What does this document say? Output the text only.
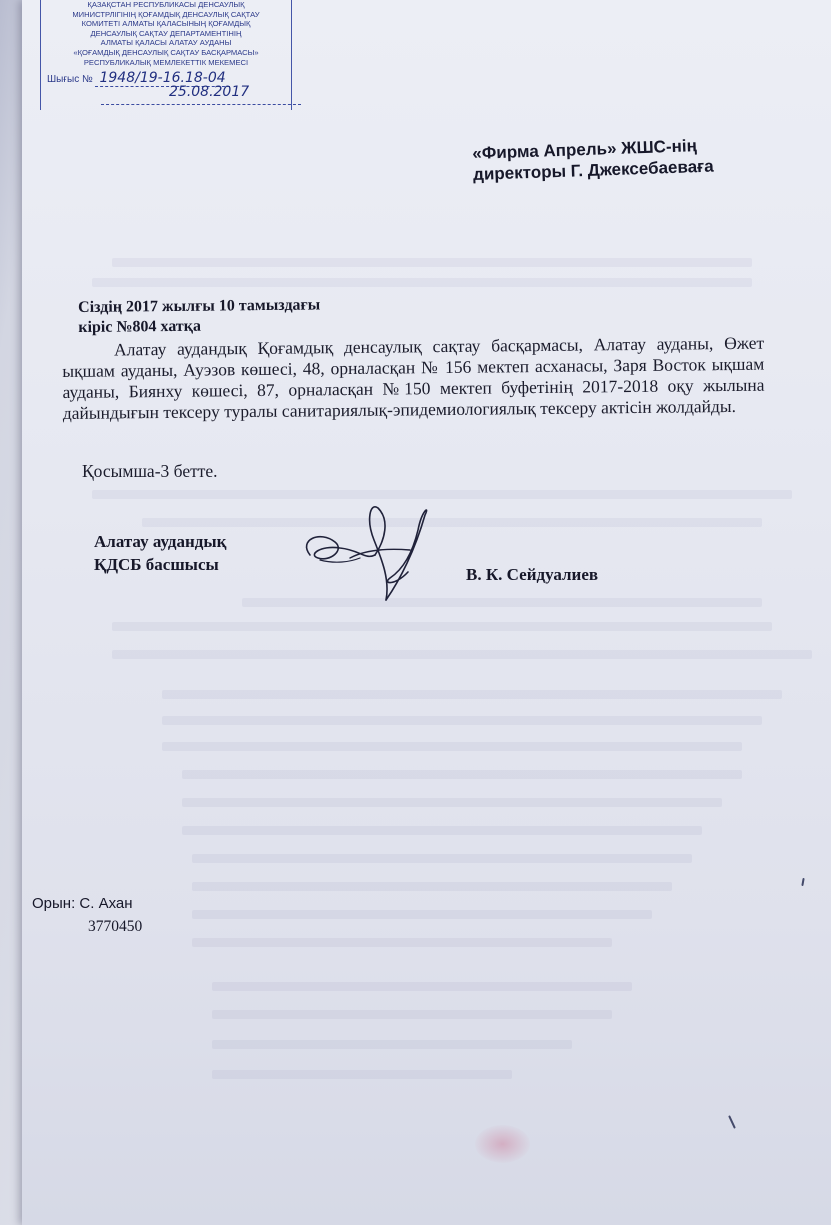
ҚАЗАҚСТАН РЕСПУБЛИКАСЫ ДЕНСАУЛЫҚ
МИНИСТРЛІГІНІҢ ҚОҒАМДЫҚ ДЕНСАУЛЫҚ САҚТАУ
КОМИТЕТІ АЛМАТЫ ҚАЛАСЫНЫҢ ҚОҒАМДЫҚ
ДЕНСАУЛЫҚ САҚТАУ ДЕПАРТАМЕНТІНІҢ
АЛМАТЫ ҚАЛАСЫ АЛАТАУ АУДАНЫ
«ҚОҒАМДЫҚ ДЕНСАУЛЫҚ САҚТАУ БАСҚАРМАСЫ»
РЕСПУБЛИКАЛЫҚ МЕМЛЕКЕТТІК МЕКЕМЕСІ
Шығыс № 1948/19-16.18-04
25.08.2017
«Фирма Апрель» ЖШС-нің
директоры Г. Джексебаеваға
Сіздің 2017 жылғы 10 тамыздағы
кіріс №804 хатқа

Алатау аудандық Қоғамдық денсаулық сақтау басқармасы, Алатау ауданы, Өжет ықшам ауданы, Ауэзов көшесі, 48, орналасқан № 156 мектеп асханасы, Заря Восток ықшам ауданы, Биянху көшесі, 87, орналасқан №150 мектеп буфетінің 2017-2018 оқу жылына дайындығын тексеру туралы санитариялық-эпидемиологиялық тексеру актісін жолдайды.

Қосымша-3 бетте.
Алатау аудандық
ҚДСБ басшысы
В. К. Сейдуалиев
Орын: С. Ахан
3770450
